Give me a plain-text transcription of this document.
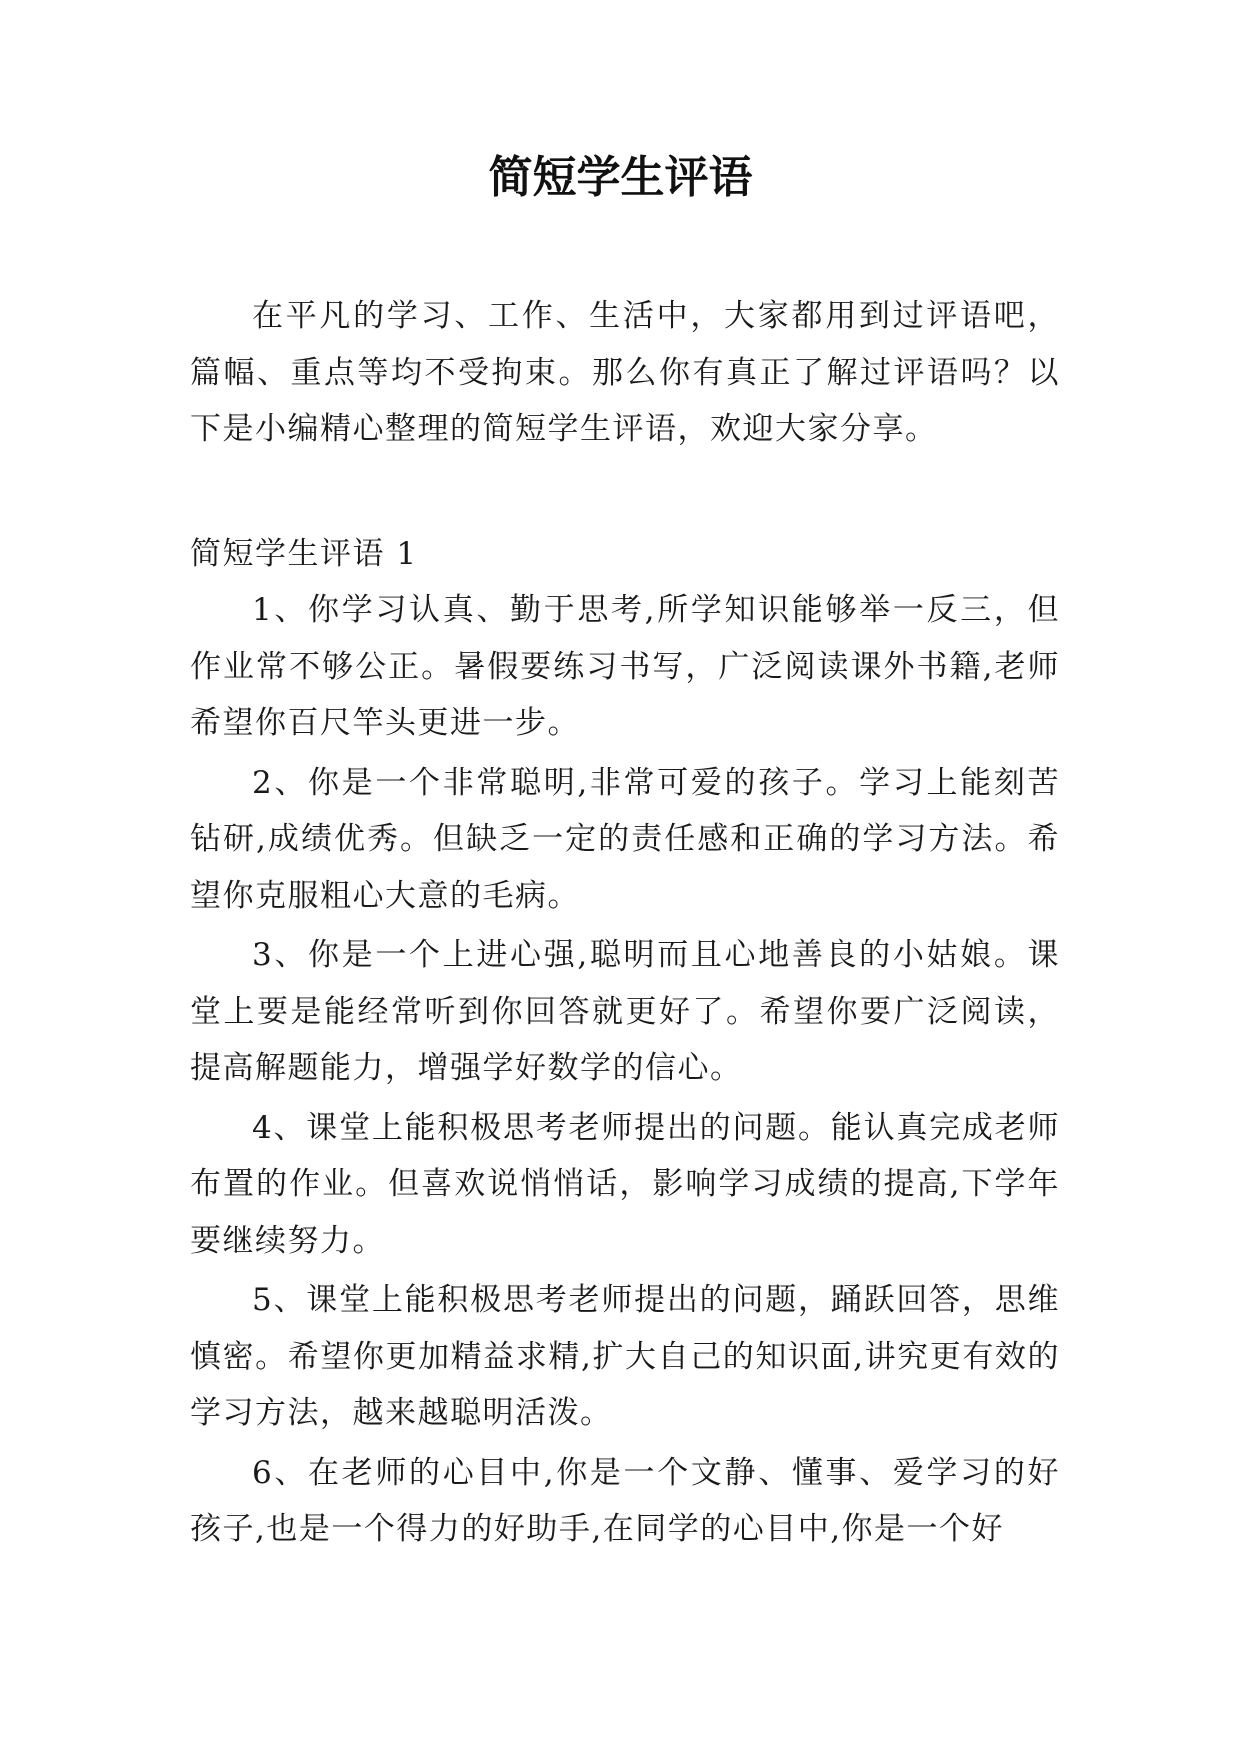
简短学生评语

在平凡的学习、工作、生活中，大家都用到过评语吧，篇幅、重点等均不受拘束。那么你有真正了解过评语吗？以下是小编精心整理的简短学生评语，欢迎大家分享。

简短学生评语 1

1、你学习认真、勤于思考,所学知识能够举一反三，但作业常不够公正。暑假要练习书写，广泛阅读课外书籍,老师希望你百尺竿头更进一步。

2、你是一个非常聪明,非常可爱的孩子。学习上能刻苦钻研,成绩优秀。但缺乏一定的责任感和正确的学习方法。希望你克服粗心大意的毛病。

3、你是一个上进心强,聪明而且心地善良的小姑娘。课堂上要是能经常听到你回答就更好了。希望你要广泛阅读，提高解题能力，增强学好数学的信心。

4、课堂上能积极思考老师提出的问题。能认真完成老师布置的作业。但喜欢说悄悄话，影响学习成绩的提高,下学年要继续努力。

5、课堂上能积极思考老师提出的问题，踊跃回答，思维慎密。希望你更加精益求精,扩大自己的知识面,讲究更有效的学习方法，越来越聪明活泼。

6、在老师的心目中,你是一个文静、懂事、爱学习的好孩子,也是一个得力的好助手,在同学的心目中,你是一个好
